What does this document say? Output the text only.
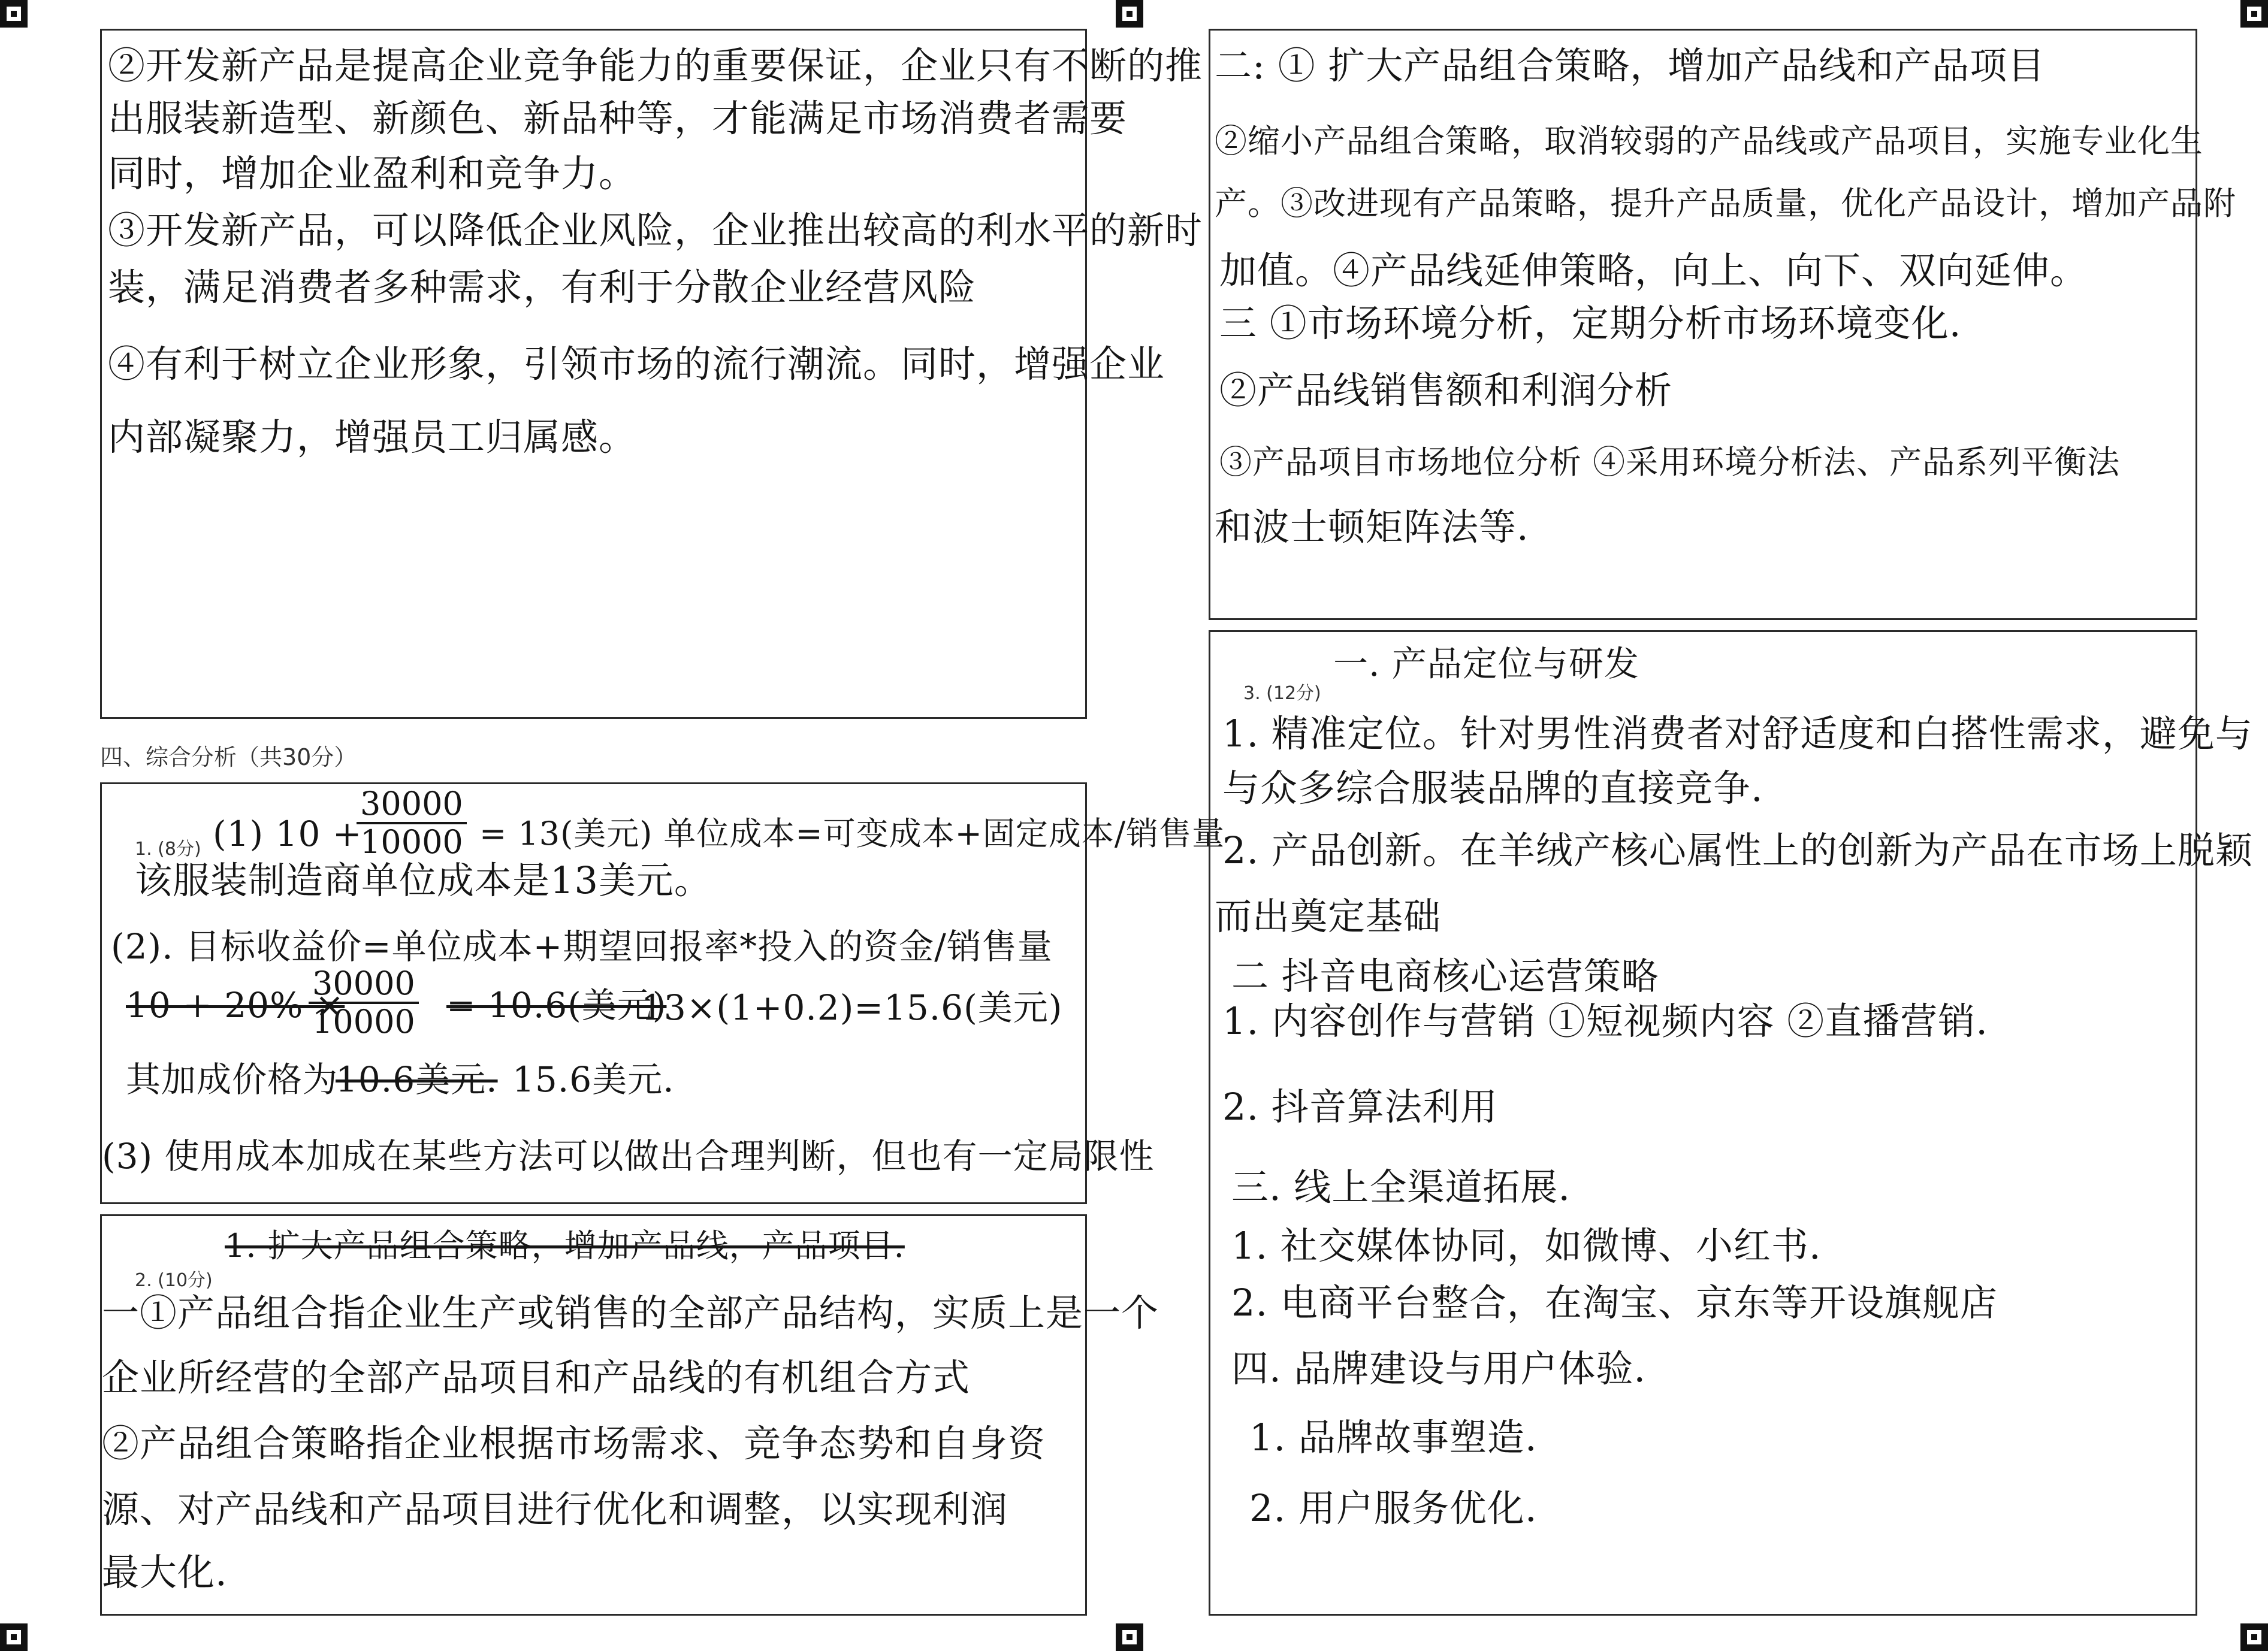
②开发新产品是提高企业竞争能力的重要保证，企业只有不断的推

出服装新造型、新颜色、新品种等，才能满足市场消费者需要

同时，增加企业盈利和竞争力。

③开发新产品，可以降低企业风险，企业推出较高的利水平的新时

装，满足消费者多种需求，有利于分散企业经营风险

④有利于树立企业形象，引领市场的流行潮流。同时，增强企业

内部凝聚力，增强员工归属感。

四、综合分析（共30分）

1. (8分) (1) 10 +

$\frac{30000}{10000} = 13$(美元) 单位成本=可变成本+固定成本/销售量

该服装制造商单位成本是13美元。

(2). 目标收益价=单位成本+期望回报率*投入的资金/销售量

10 + 20% ×

$\frac{30000}{10000} = 10.6$(美元)

13×(1+0.2)=15.6(美元)

其加成价格为

10.6美元. 15.6美元.

(3) 使用成本加成在某些方法可以做出合理判断，但也有一定局限性

2. (10分)

1. 扩大产品组合策略，增加产品线，产品项目.

一①产品组合指企业生产或销售的全部产品结构，实质上是一个

企业所经营的全部产品项目和产品线的有机组合方式

②产品组合策略指企业根据市场需求、竞争态势和自身资

源、对产品线和产品项目进行优化和调整，以实现利润

最大化.

二: ① 扩大产品组合策略，增加产品线和产品项目

②缩小产品组合策略，取消较弱的产品线或产品项目，实施专业化生

产。③改进现有产品策略，提升产品质量，优化产品设计，增加产品附

加值。④产品线延伸策略，向上、向下、双向延伸。

三 ①市场环境分析，定期分析市场环境变化.

②产品线销售额和利润分析

③产品项目市场地位分析 ④采用环境分析法、产品系列平衡法

和波士顿矩阵法等.

一. 产品定位与研发

3. (12分)

1. 精准定位。针对男性消费者对舒适度和白搭性需求，避免与

与众多综合服装品牌的直接竞争.

2. 产品创新。在羊绒产核心属性上的创新为产品在市场上脱颖

而出奠定基础

二 抖音电商核心运营策略

1. 内容创作与营销 ①短视频内容 ②直播营销.

2. 抖音算法利用

三. 线上全渠道拓展.

1. 社交媒体协同，如微博、小红书.

2. 电商平台整合，在淘宝、京东等开设旗舰店

四. 品牌建设与用户体验.

1. 品牌故事塑造.

2. 用户服务优化.
